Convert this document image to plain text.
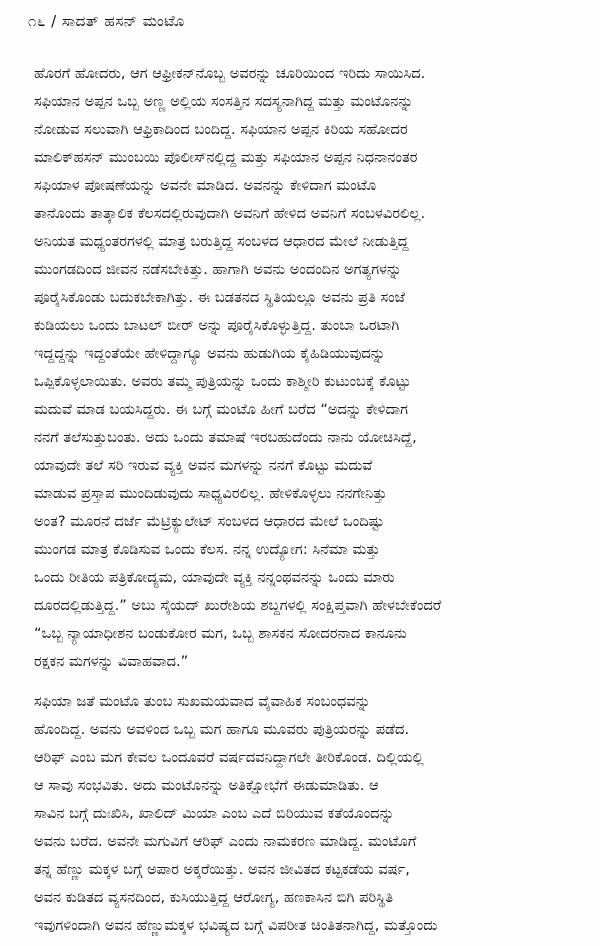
೧೬ / ಸಾದತ್ ಹಸನ್ ಮಂಟೊ
ಹೊರಗೆ ಹೋದರು, ಆಗ ಆಫ್ರೀಕನ್‌ನೊಬ್ಬ ಅವರನ್ನು ಚೂರಿಯಿಂದ ಇರಿದು ಸಾಯಿಸಿದ.
ಸಫಿಯಾನ ಅಪ್ಪನ ಒಬ್ಬ ಅಣ್ಣ ಅಲ್ಲಿಯ ಸಂಸತ್ತಿನ ಸದಸ್ಯನಾಗಿದ್ದ ಮತ್ತು ಮಂಟೊನನ್ನು
ನೋಡುವ ಸಲುವಾಗಿ ಆಫ್ರಿಕಾದಿಂದ ಬಂದಿದ್ದ. ಸಫಿಯಾನ ಅಪ್ಪನ ಕಿರಿಯ ಸಹೋದರ
ಮಾಲಿಕ್‌ಹಸನ್ ಮುಂಬಯಿ ಪೊಲೀಸ್‌ನಲ್ಲಿದ್ದ ಮತ್ತು ಸಫಿಯಾನ ಅಪ್ಪನ ನಿಧನಾನಂತರ
ಸಫಿಯಾಳ ಪೋಷಣೆಯನ್ನು ಅವನೇ ಮಾಡಿದ. ಅವನನ್ನು ಕೇಳಿದಾಗ ಮಂಟೊ
ತಾನೊಂದು ತಾತ್ಕಾಲಿಕ ಕೆಲಸದಲ್ಲಿರುವುದಾಗಿ ಅವನಿಗೆ ಹೇಳಿದ ಅವನಿಗೆ ಸಂಬಳವಿರಲಿಲ್ಲ.
ಅನಿಯತ ಮಧ್ಯಂತರಗಳಲ್ಲಿ ಮಾತ್ರ ಬರುತ್ತಿದ್ದ ಸಂಬಳದ ಆಧಾರದ ಮೇಲೆ ನೀಡುತ್ತಿದ್ದ
ಮುಂಗಡದಿಂದ ಜೀವನ ನಡೆಸಬೇಕಿತ್ತು. ಹಾಗಾಗಿ ಅವನು ಅಂದಂದಿನ ಅಗತ್ಯಗಳನ್ನು
ಪೂರೈಸಿಕೊಂಡು ಬದುಕಬೇಕಾಗಿತ್ತು. ಈ ಬಡತನದ ಸ್ಥಿತಿಯಲ್ಲೂ ಅವನು ಪ್ರತಿ ಸಂಜೆ
ಕುಡಿಯಲು ಒಂದು ಬಾಟಲ್ ಬೀರ್ ಅನ್ನು ಪೂರೈಸಿಕೊಳ್ಳುತ್ತಿದ್ದ. ತುಂಬಾ ಒರಟಾಗಿ
ಇದ್ದದ್ದನ್ನು ಇದ್ದಂತೆಯೇ ಹೇಳಿದ್ದಾಗ್ಯೂ ಅವನು ಹುಡುಗಿಯ ಕೈಹಿಡಿಯುವುದನ್ನು
ಒಪ್ಪಿಕೊಳ್ಳಲಾಯಿತು. ಅವರು ತಮ್ಮ ಪುತ್ರಿಯನ್ನು ಒಂದು ಕಾಶ್ಮೀರಿ ಕುಟುಂಬಕ್ಕೆ ಕೊಟ್ಟು
ಮದುವೆ ಮಾಡ ಬಯಸಿದ್ದರು. ಈ ಬಗ್ಗೆ ಮಂಟೊ ಹೀಗೆ ಬರೆದ “ಅದನ್ನು ಕೇಳಿದಾಗ
ನನಗೆ ತಲೆಸುತ್ತುಬಂತು. ಅದು ಒಂದು ತಮಾಷೆ ಇರಬಹುದೆಂದು ನಾನು ಯೋಚಿಸಿದ್ದೆ,
ಯಾವುದೇ ತಲೆ ಸರಿ ಇರುವ ವ್ಯಕ್ತಿ ಅವನ ಮಗಳನ್ನು ನನಗೆ ಕೊಟ್ಟು ಮದುವೆ
ಮಾಡುವ ಪ್ರಸ್ತಾಪ ಮುಂದಿಡುವುದು ಸಾಧ್ಯವಿರಲಿಲ್ಲ. ಹೇಳಿಕೊಳ್ಳಲು ನನಗೇನಿತ್ತು
ಅಂತ? ಮೂರನೆ ದರ್ಜೆ ಮೆಟ್ರಿಕ್ಯುಲೇಟ್ ಸಂಬಳದ ಆಧಾರದ ಮೇಲೆ ಒಂದಿಷ್ಟು
ಮುಂಗಡ ಮಾತ್ರ ಕೊಡಿಸುವ ಒಂದು ಕೆಲಸ. ನನ್ನ ಉದ್ಯೋಗ: ಸಿನೆಮಾ ಮತ್ತು
ಒಂದು ರೀತಿಯ ಪತ್ರಿಕೋದ್ಯಮ, ಯಾವುದೇ ವ್ಯಕ್ತಿ ನನ್ನಂಥವನನ್ನು ಒಂದು ಮಾರು
ದೂರದಲ್ಲಿಡುತ್ತಿದ್ದ.” ಅಬು ಸೈಯದ್ ಖುರೇಶಿಯ ಶಬ್ದಗಳಲ್ಲಿ ಸಂಕ್ಷಿಪ್ತವಾಗಿ ಹೇಳಬೇಕೆಂದರೆ
“ಒಬ್ಬ ನ್ಯಾಯಾಧೀಶನ ಬಂಡುಕೋರ ಮಗ, ಒಬ್ಬ ಶಾಸಕನ ಸೋದರನಾದ ಕಾನೂನು
ರಕ್ಷಕನ ಮಗಳನ್ನು ವಿವಾಹವಾದ.”
ಸಫಿಯಾ ಜತೆ ಮಂಟೊ ತುಂಬ ಸುಖಮಯವಾದ ವೈವಾಹಿಕ ಸಂಬಂಧವನ್ನು
ಹೊಂದಿದ್ದ. ಅವನು ಅವಳಿಂದ ಒಬ್ಬ ಮಗ ಹಾಗೂ ಮೂವರು ಪುತ್ರಿಯರನ್ನು ಪಡೆದ.
ಆರಿಫ್ ಎಂಬ ಮಗ ಕೇವಲ ಒಂದೂವರೆ ವರ್ಷದವನಿದ್ದಾಗಲೇ ತೀರಿಕೊಂಡ. ದಿಲ್ಲಿಯಲ್ಲಿ
ಆ ಸಾವು ಸಂಭವಿತು. ಅದು ಮಂಟೊನನ್ನು ಅತಿಕ್ಷೋಭೆಗೆ ಈಡುಮಾಡಿತು. ಆ
ಸಾವಿನ ಬಗ್ಗೆ ದುಃಖಿಸಿ, ಖಾಲಿದ್ ಮಿಯಾ ಎಂಬ ಎದೆ ಬಿರಿಯುವ ಕತೆಯೊಂದನ್ನು
ಅವನು ಬರೆದ. ಅವನೇ ಮಗುವಿಗೆ ಆರಿಫ್ ಎಂದು ನಾಮಕರಣ ಮಾಡಿದ್ದ. ಮಂಟೊಗೆ
ತನ್ನ ಹೆಣ್ಣು ಮಕ್ಕಳ ಬಗ್ಗೆ ಅಪಾರ ಅಕ್ಕರೆಯಿತ್ತು. ಅವನ ಜೀವಿತದ ಕಟ್ಟಕಡೆಯ ವರ್ಷ,
ಅವನ ಕುಡಿತದ ವ್ಯಸನದಿಂದ, ಕುಸಿಯುತ್ತಿದ್ದ ಆರೋಗ್ಯ, ಹಣಕಾಸಿನ ಬಿಗಿ ಪರಿಸ್ಥಿತಿ
ಇವುಗಳಿಂದಾಗಿ ಅವನ ಹೆಣ್ಣುಮಕ್ಕಳ ಭವಿಷ್ಯದ ಬಗ್ಗೆ ವಿಪರೀತ ಚಿಂತಿತನಾಗಿದ್ದ, ಮತ್ತೊಂದು
